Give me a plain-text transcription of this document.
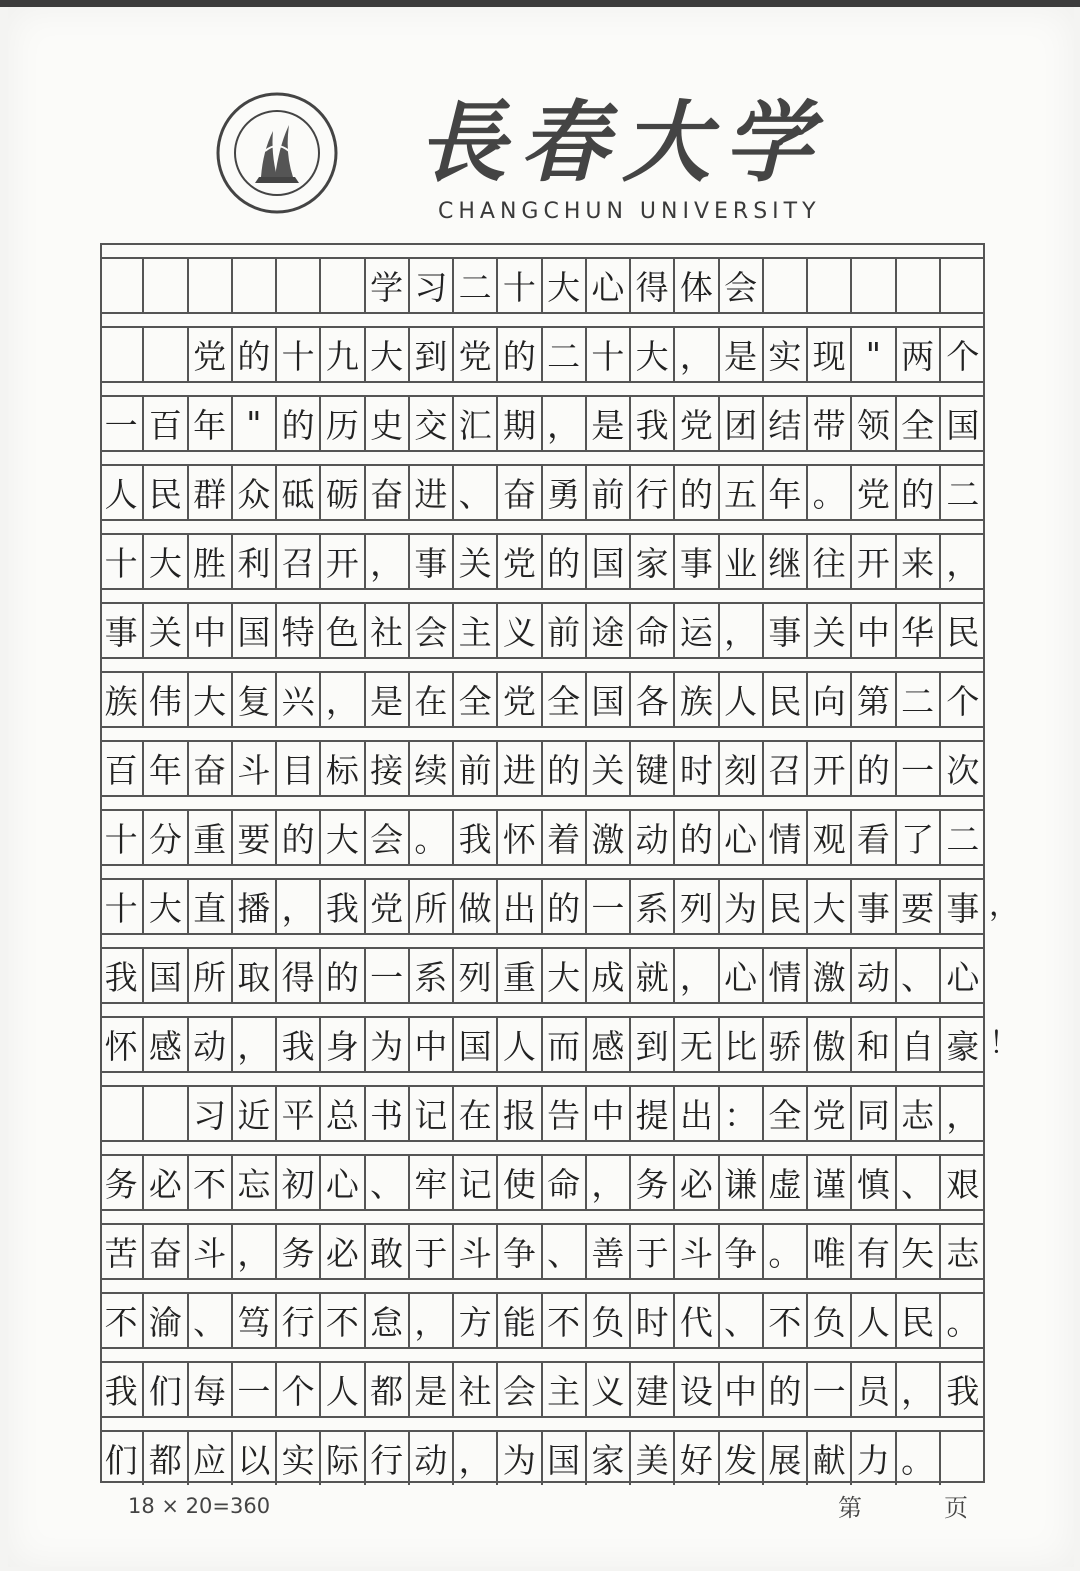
長春大学
CHANGCHUN UNIVERSITY
学 习 二 十 大 心 得 体 会
党 的 十 九 大 到 党 的 二 十 大 ， 是 实 现 " 两 个
一 百 年 " 的 历 史 交 汇 期 ， 是 我 党 团 结 带 领 全 国
人 民 群 众 砥 砺 奋 进 、 奋 勇 前 行 的 五 年 。 党 的 二
十 大 胜 利 召 开 ， 事 关 党 的 国 家 事 业 继 往 开 来 ，
事 关 中 国 特 色 社 会 主 义 前 途 命 运 ， 事 关 中 华 民
族 伟 大 复 兴 ， 是 在 全 党 全 国 各 族 人 民 向 第 二 个
百 年 奋 斗 目 标 接 续 前 进 的 关 键 时 刻 召 开 的 一 次
十 分 重 要 的 大 会 。 我 怀 着 激 动 的 心 情 观 看 了 二
十 大 直 播 ， 我 党 所 做 出 的 一 系 列 为 民 大 事 要 事 ，
我 国 所 取 得 的 一 系 列 重 大 成 就 ， 心 情 激 动 、 心
怀 感 动 ， 我 身 为 中 国 人 而 感 到 无 比 骄 傲 和 自 豪 ！
习 近 平 总 书 记 在 报 告 中 提 出 ： 全 党 同 志 ，
务 必 不 忘 初 心 、 牢 记 使 命 ， 务 必 谦 虚 谨 慎 、 艰
苦 奋 斗 ， 务 必 敢 于 斗 争 、 善 于 斗 争 。 唯 有 矢 志
不 渝 、 笃 行 不 怠 ， 方 能 不 负 时 代 、 不 负 人 民 。
我 们 每 一 个 人 都 是 社 会 主 义 建 设 中 的 一 员 ， 我
们 都 应 以 实 际 行 动 ， 为 国 家 美 好 发 展 献 力 。
18 × 20=360	第	页
